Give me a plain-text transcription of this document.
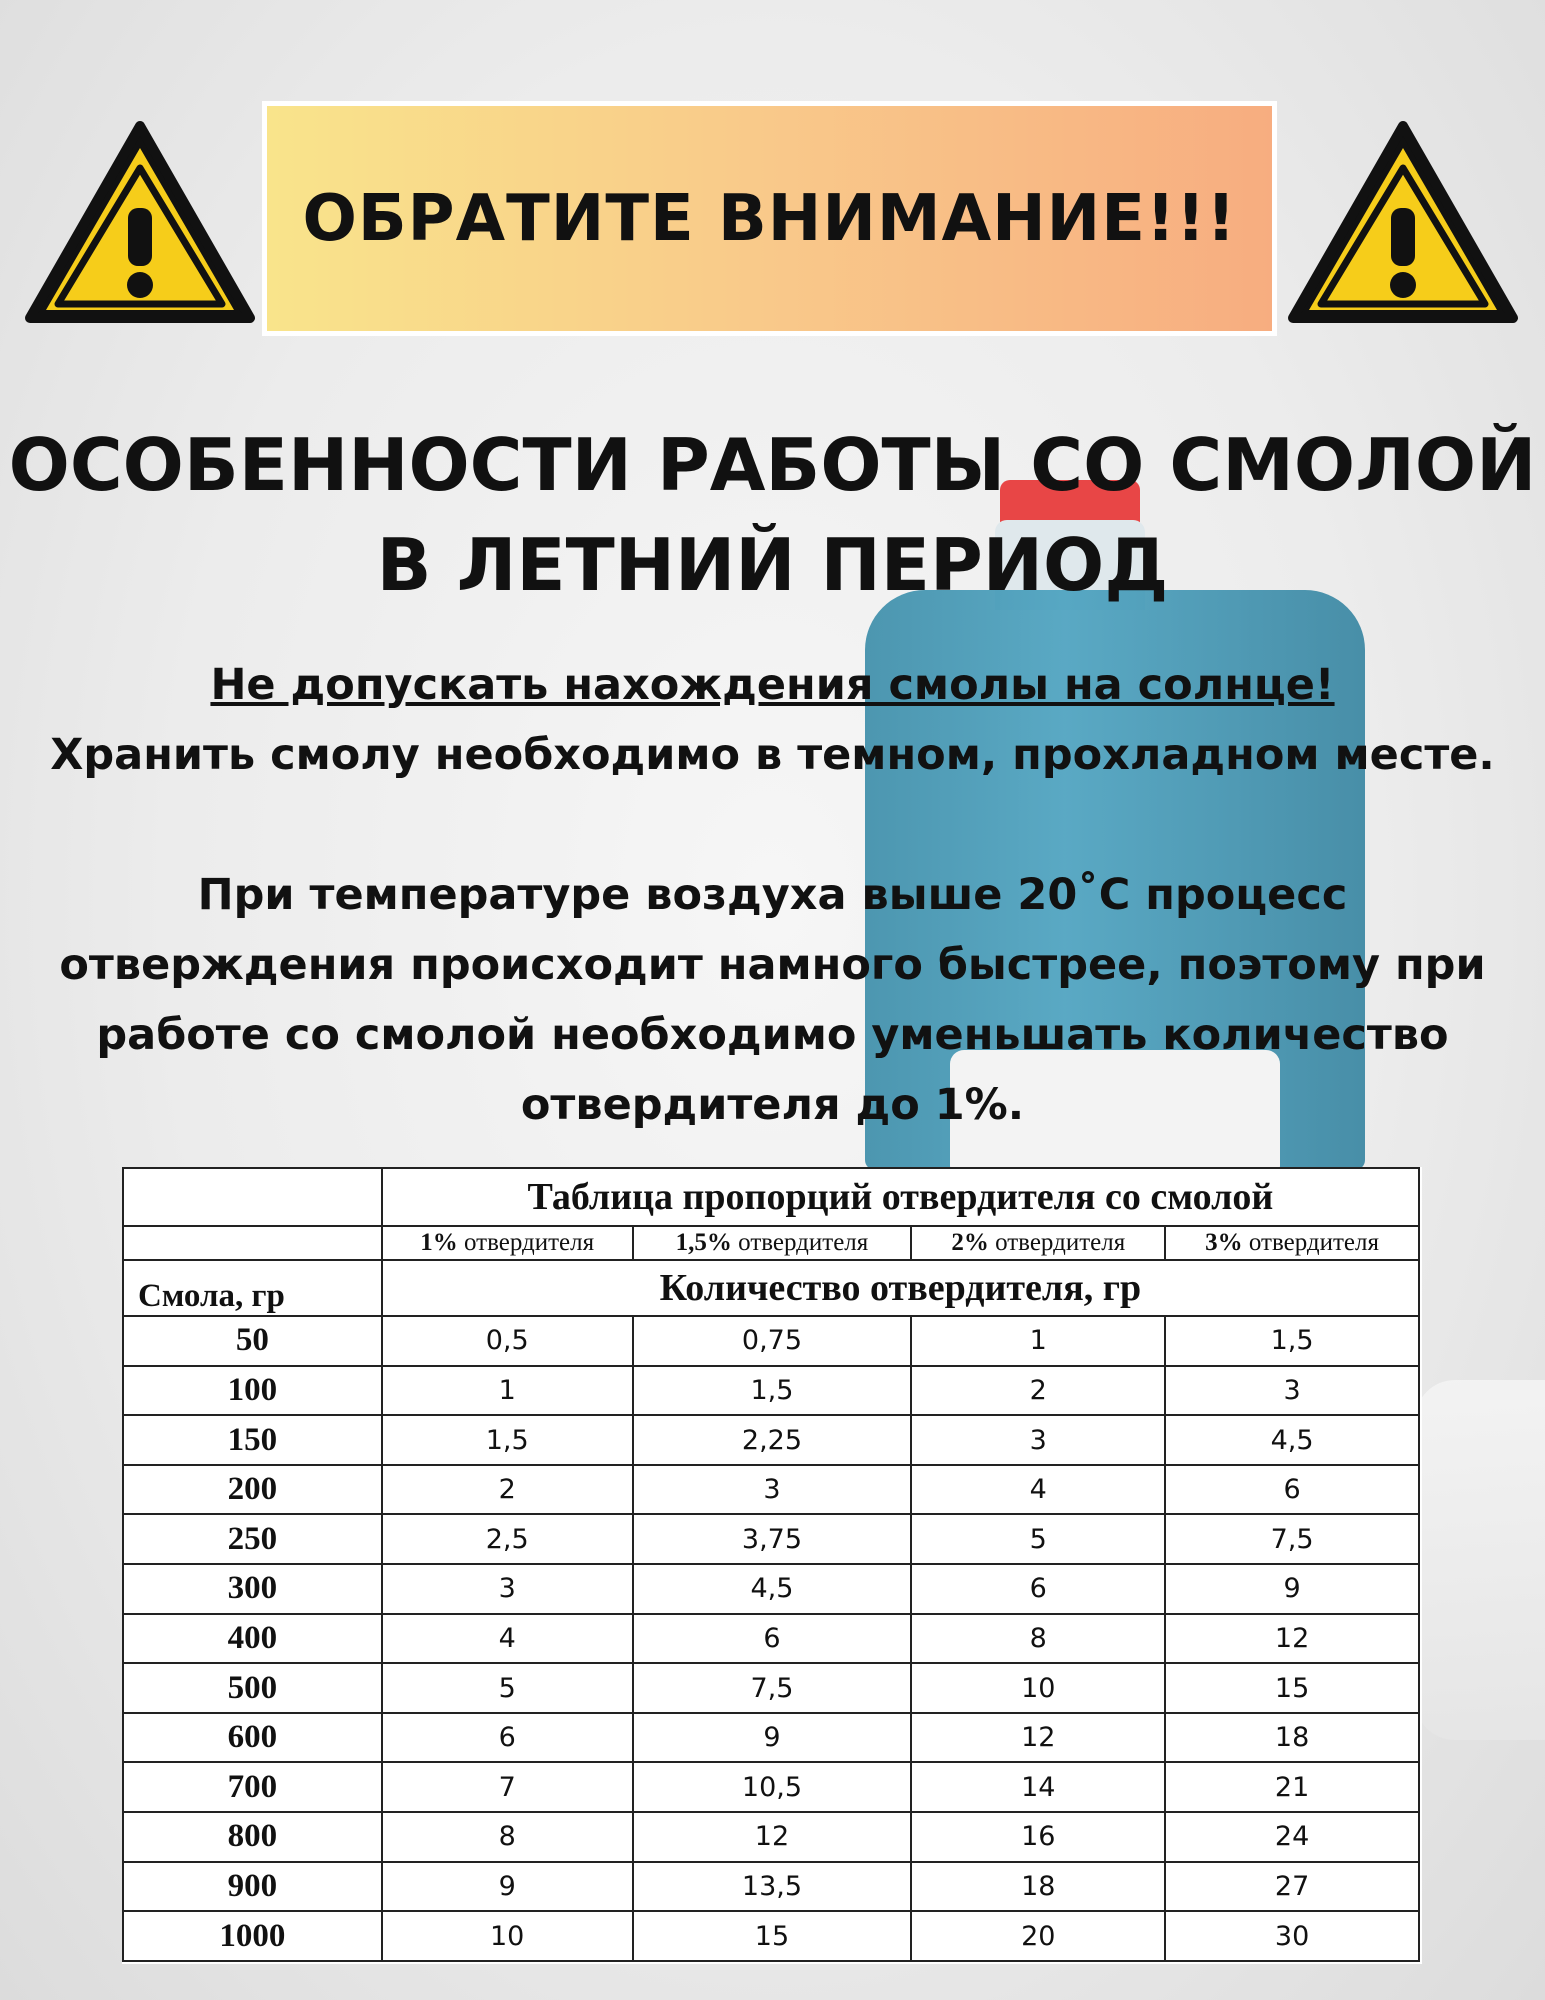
ОБРАТИТЕ ВНИМАНИЕ!!!
ОСОБЕННОСТИ РАБОТЫ СО СМОЛОЙ
В ЛЕТНИЙ ПЕРИОД
Не допускать нахождения смолы на солнце!
Хранить смолу необходимо в темном, прохладном месте.
При температуре воздуха выше 20˚С процесс отверждения происходит намного быстрее, поэтому при работе со смолой необходимо уменьшать количество отвердителя до 1%.
	Таблица пропорций отвердителя со смолой			
	1% отвердителя	1,5% отвердителя	2% отвердителя	3% отвердителя
Смола, гр	Количество отвердителя, гр			
50	0,5	0,75	1	1,5
100	1	1,5	2	3
150	1,5	2,25	3	4,5
200	2	3	4	6
250	2,5	3,75	5	7,5
300	3	4,5	6	9
400	4	6	8	12
500	5	7,5	10	15
600	6	9	12	18
700	7	10,5	14	21
800	8	12	16	24
900	9	13,5	18	27
1000	10	15	20	30
